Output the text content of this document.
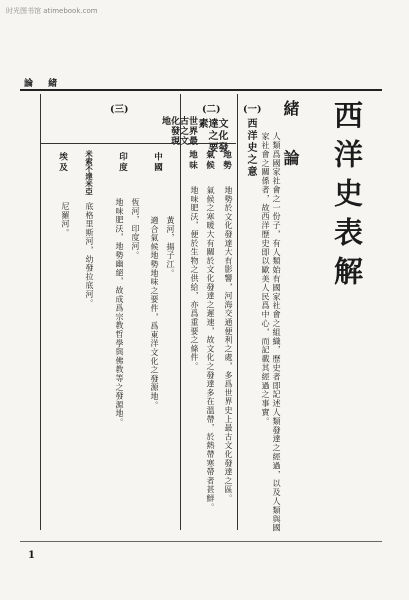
时光图书馆 atimebook.com
論 緒
西洋史表解
緒 論
(一)
西洋史之意	人類爲國家社會之一份子，有人類始有國家社會之組織，歷史者即記述人類發達之經過，以及人類與國家社會之關係者，故西洋歷史即以歐美人民爲中心，而記載其經過之事實。
(二)
文化發達之要素
地勢
地勢於文化發達大有影響，河海交通便利之處，多爲世界史上最古文化發達之區。
氣候
氣候之寒暖大有關於文化發達之遲速，故文化之發達多在溫帶，於熱帶寒帶者甚鮮。
地味
地味肥沃，便於生物之供給，亦爲重要之條件。
(三)
世界最古之文化發現地
中國
黃河，揚子江。
適合氣候地勢地味之要件，爲東洋文化之發源地。
印度
恆河，印度河。
地味肥沃，地勢幽絕，故成爲宗教哲學與佛教等之發源地。
米索不達米亞
底格里斯河，幼發拉底河。
埃及
尼羅河。
1
